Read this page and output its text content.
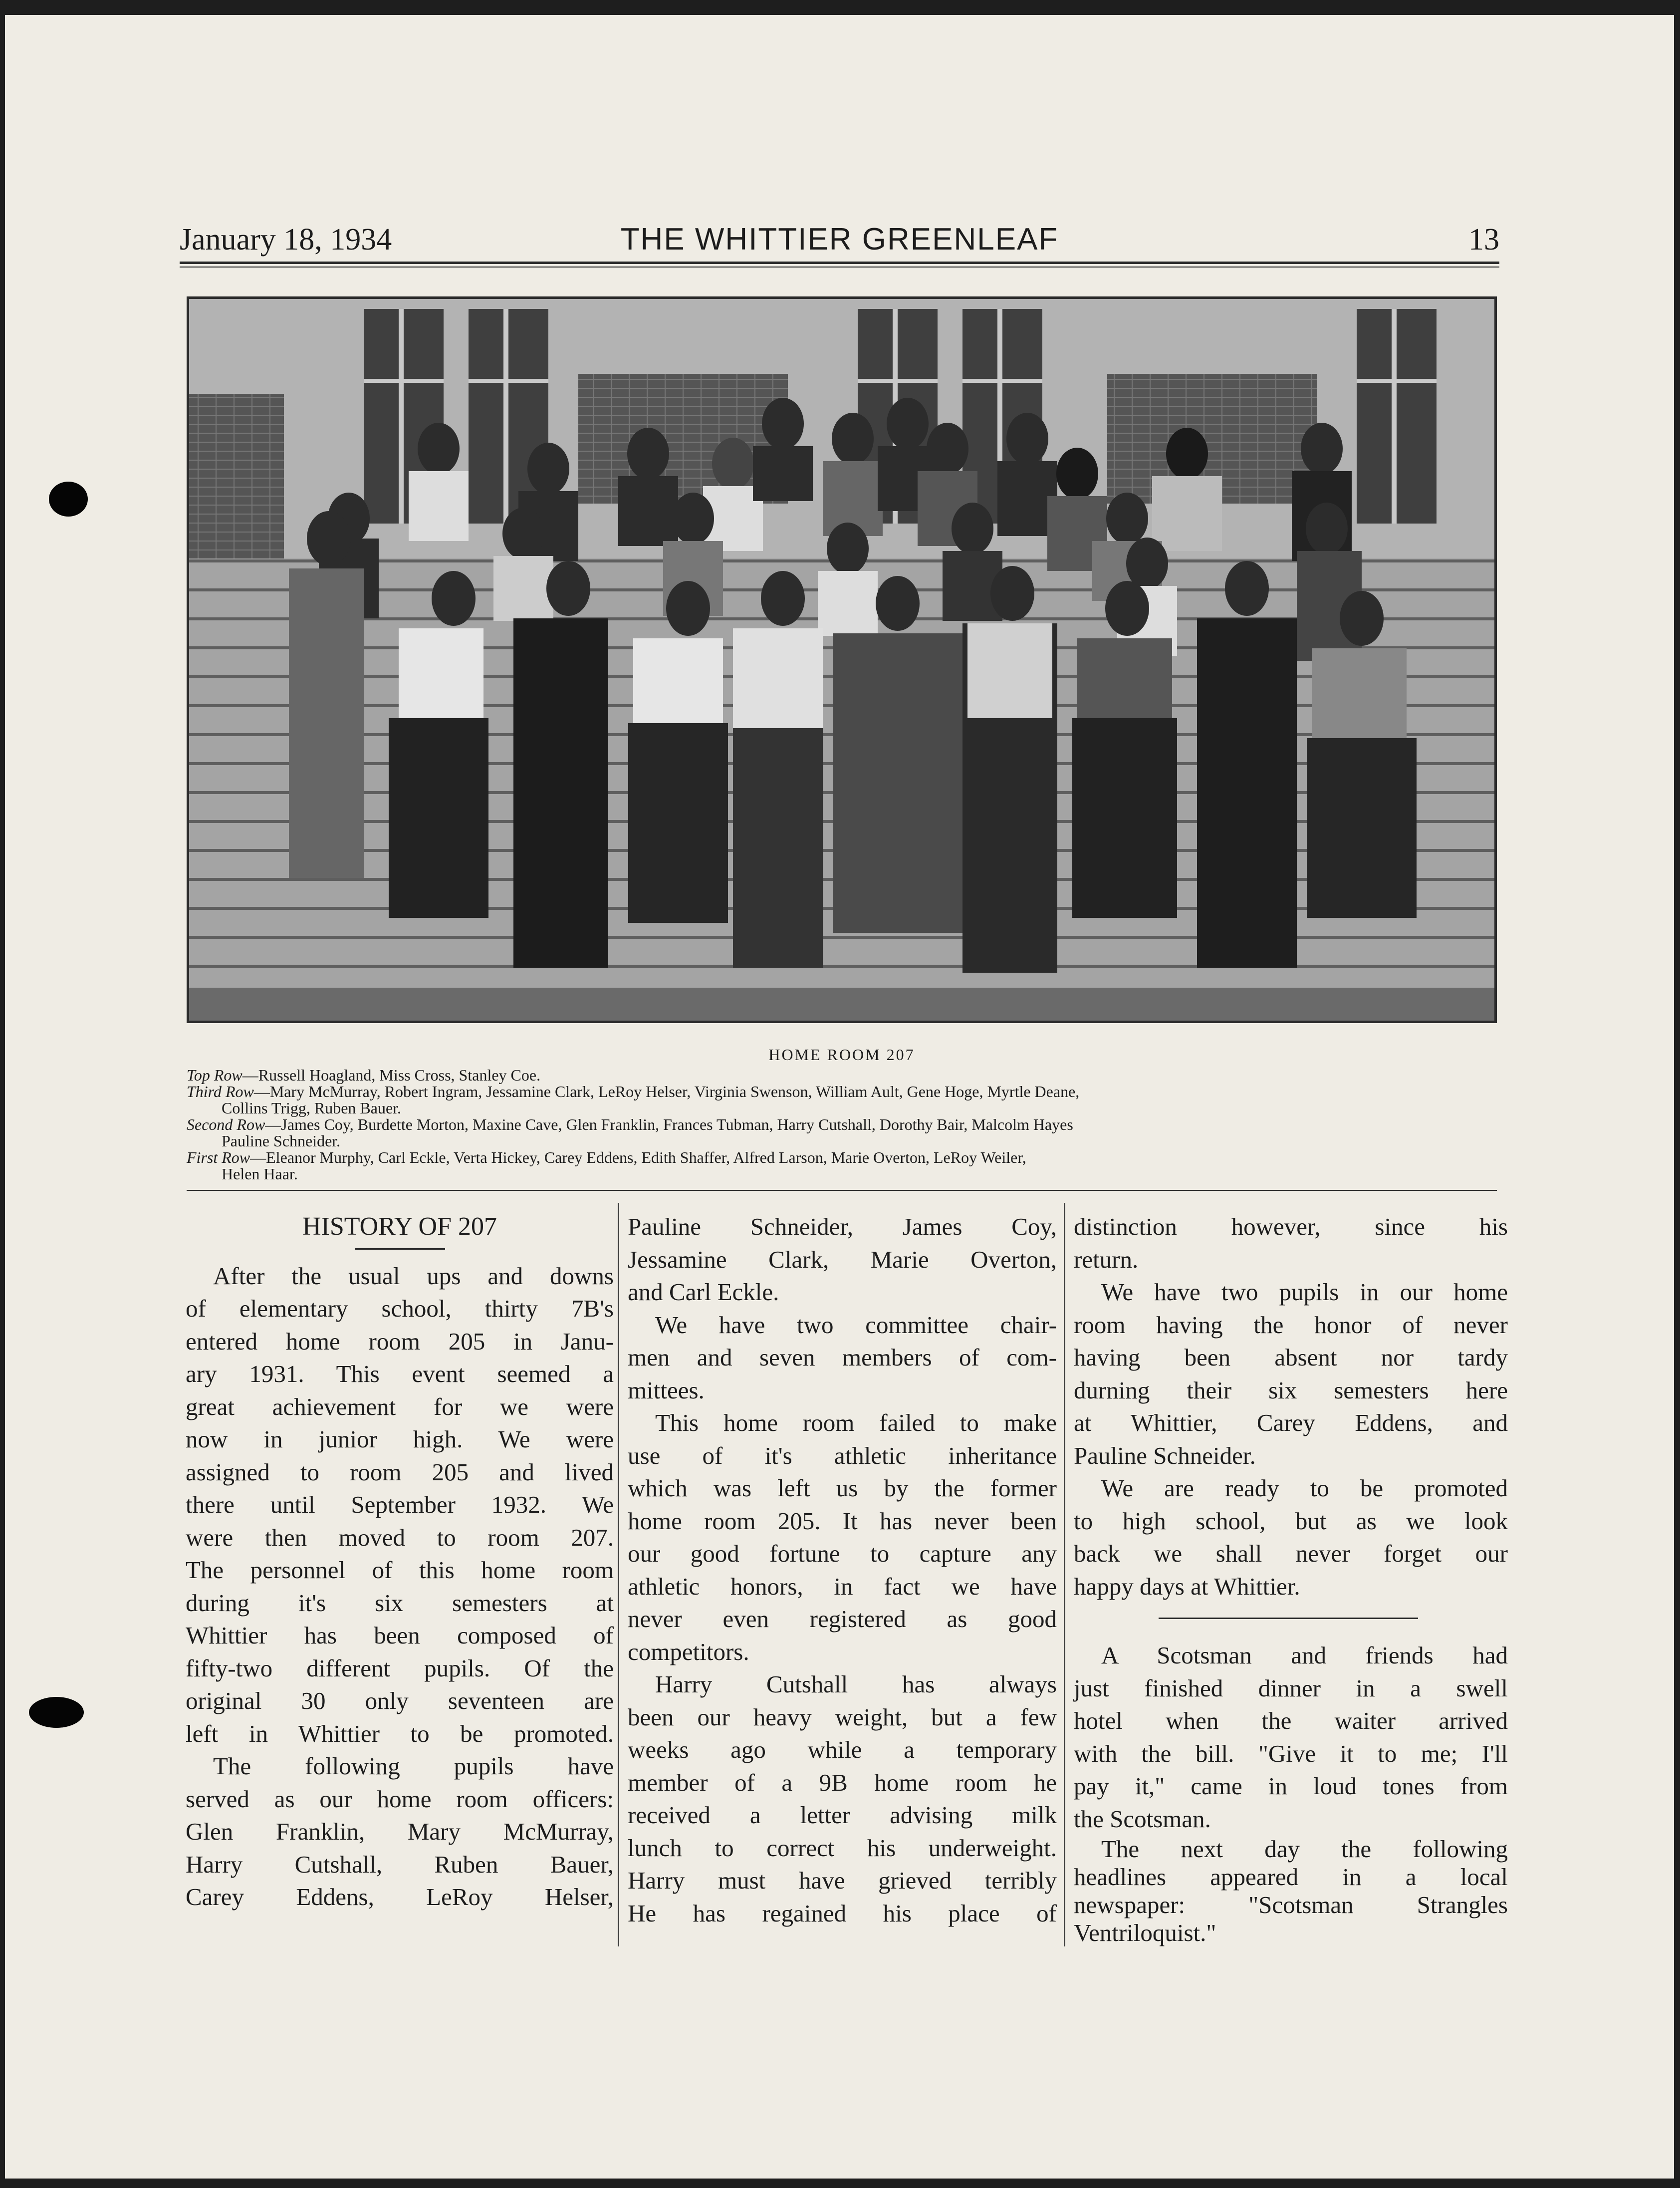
January 18, 1934	THE WHITTIER GREENLEAF	13
HOME ROOM 207
Top Row—Russell Hoagland, Miss Cross, Stanley Coe.
Third Row—Mary McMurray, Robert Ingram, Jessamine Clark, LeRoy Helser, Virginia Swenson, William Ault, Gene Hoge, Myrtle Deane,
Collins Trigg, Ruben Bauer.
Second Row—James Coy, Burdette Morton, Maxine Cave, Glen Franklin, Frances Tubman, Harry Cutshall, Dorothy Bair, Malcolm Hayes
Pauline Schneider.
First Row—Eleanor Murphy, Carl Eckle, Verta Hickey, Carey Eddens, Edith Shaffer, Alfred Larson, Marie Overton, LeRoy Weiler,
Helen Haar.

HISTORY OF 207

After the usual ups and downs

of elementary school, thirty 7B's

entered home room 205 in Janu-

ary 1931. This event seemed a

great achievement for we were

now in junior high. We were

assigned to room 205 and lived

there until September 1932. We

were then moved to room 207.

The personnel of this home room

during it's six semesters at

Whittier has been composed of

fifty-two different pupils. Of the

original 30 only seventeen are

left in Whittier to be promoted.

The following pupils have

served as our home room officers:

Glen Franklin, Mary McMurray,

Harry Cutshall, Ruben Bauer,

Carey Eddens, LeRoy Helser,

Pauline Schneider, James Coy,

Jessamine Clark, Marie Overton,

and Carl Eckle.

We have two committee chair-

men and seven members of com-

mittees.

This home room failed to make

use of it's athletic inheritance

which was left us by the former

home room 205. It has never been

our good fortune to capture any

athletic honors, in fact we have

never even registered as good

competitors.

Harry Cutshall has always

been our heavy weight, but a few

weeks ago while a temporary

member of a 9B home room he

received a letter advising milk

lunch to correct his underweight.

Harry must have grieved terribly

He has regained his place of

distinction however, since his

return.

We have two pupils in our home

room having the honor of never

having been absent nor tardy

durning their six semesters here

at Whittier, Carey Eddens, and

Pauline Schneider.

We are ready to be promoted

to high school, but as we look

back we shall never forget our

happy days at Whittier.

A Scotsman and friends had

just finished dinner in a swell

hotel when the waiter arrived

with the bill. "Give it to me; I'll

pay it," came in loud tones from

the Scotsman.

The next day the following

headlines appeared in a local

newspaper: "Scotsman Strangles

Ventriloquist."
